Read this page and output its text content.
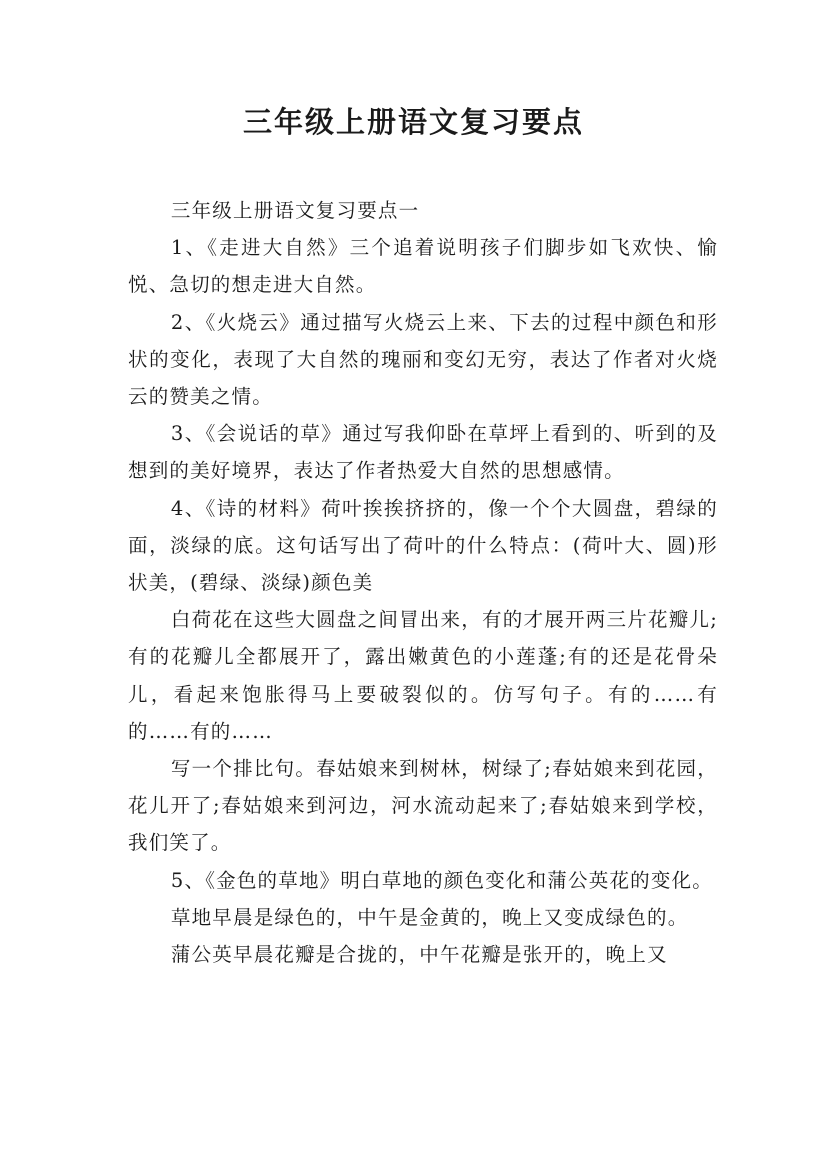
三年级上册语文复习要点

三年级上册语文复习要点一

1、《走进大自然》三个追着说明孩子们脚步如飞欢快、愉悦、急切的想走进大自然。

2、《火烧云》通过描写火烧云上来、下去的过程中颜色和形状的变化，表现了大自然的瑰丽和变幻无穷，表达了作者对火烧云的赞美之情。

3、《会说话的草》通过写我仰卧在草坪上看到的、听到的及想到的美好境界，表达了作者热爱大自然的思想感情。

4、《诗的材料》荷叶挨挨挤挤的，像一个个大圆盘，碧绿的面，淡绿的底。这句话写出了荷叶的什么特点：(荷叶大、圆)形状美，(碧绿、淡绿)颜色美

白荷花在这些大圆盘之间冒出来，有的才展开两三片花瓣儿;有的花瓣儿全都展开了，露出嫩黄色的小莲蓬;有的还是花骨朵儿，看起来饱胀得马上要破裂似的。仿写句子。有的……有的……有的……

写一个排比句。春姑娘来到树林，树绿了;春姑娘来到花园，花儿开了;春姑娘来到河边，河水流动起来了;春姑娘来到学校，我们笑了。

5、《金色的草地》明白草地的颜色变化和蒲公英花的变化。

草地早晨是绿色的，中午是金黄的，晚上又变成绿色的。

蒲公英早晨花瓣是合拢的，中午花瓣是张开的，晚上又
